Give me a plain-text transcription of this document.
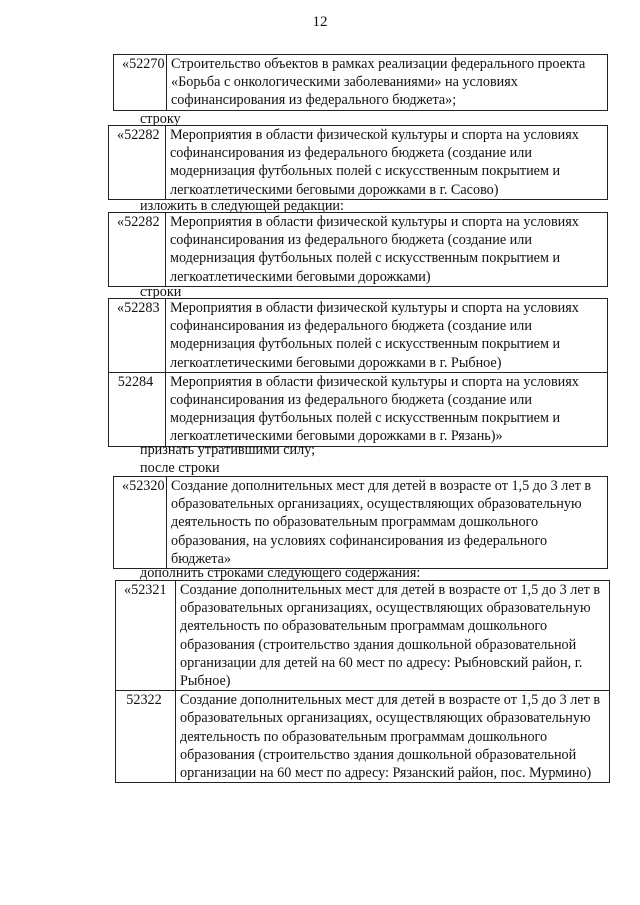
12
«52270	Строительство объектов в рамках реализации федерального проекта «Борьба с онкологическими заболеваниями» на условиях софинансирования из федерального бюджета»;
строку
«52282	Мероприятия в области физической культуры и спорта на условиях софинансирования из федерального бюджета (создание или модернизация футбольных полей с искусственным покрытием и легкоатлетическими беговыми дорожками в г. Сасово)
изложить в следующей редакции:
«52282	Мероприятия в области физической культуры и спорта на условиях софинансирования из федерального бюджета (создание или модернизация футбольных полей с искусственным покрытием и легкоатлетическими беговыми дорожками)
строки
«52283	Мероприятия в области физической культуры и спорта на условиях софинансирования из федерального бюджета (создание или модернизация футбольных полей с искусственным покрытием и легкоатлетическими беговыми дорожками в г. Рыбное)
52284	Мероприятия в области физической культуры и спорта на условиях софинансирования из федерального бюджета (создание или модернизация футбольных полей с искусственным покрытием и легкоатлетическими беговыми дорожками в г. Рязань)»
признать утратившими силу;
после строки
«52320	Создание дополнительных мест для детей в возрасте от 1,5 до 3 лет в образовательных организациях, осуществляющих образовательную деятельность по образовательным программам дошкольного образования, на условиях софинансирования из федерального бюджета»
дополнить строками следующего содержания:
«52321	Создание дополнительных мест для детей в возрасте от 1,5 до 3 лет в образовательных организациях, осуществляющих образовательную деятельность по образовательным программам дошкольного образования (строительство здания дошкольной образовательной организации для детей на 60 мест по адресу: Рыбновский район, г. Рыбное)
52322	Создание дополнительных мест для детей в возрасте от 1,5 до 3 лет в образовательных организациях, осуществляющих образовательную деятельность по образовательным программам дошкольного образования (строительство здания дошкольной образовательной организации на 60 мест по адресу: Рязанский район, пос. Мурмино)
